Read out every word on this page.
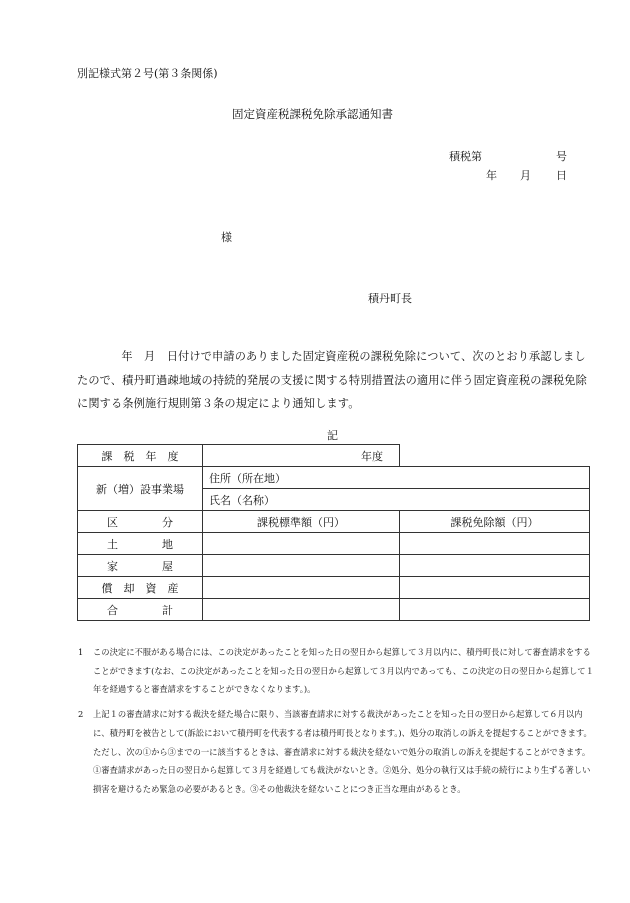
別記様式第２号(第３条関係)
固定資産税課税免除承認通知書
積税第	号
年 月 日
様
積丹町長
　年　月　日付けで申請のありました固定資産税の課税免除について、次のとおり承認しましたので、積丹町過疎地域の持続的発展の支援に関する特別措置法の適用に伴う固定資産税の課税免除に関する条例施行規則第３条の規定により通知します。
記
課　税　年　度	年度	
新（増）設事業場	住所（所在地）	
	氏名（名称）	
区　　　　分	課税標準額（円）	課税免除額（円）
土　　　　地		
家　　　　屋		
償　却　資　産		
合　　　　計		
1 この決定に不服がある場合には、この決定があったことを知った日の翌日から起算して３月以内に、積丹町長に対して審査請求をすることができます(なお、この決定があったことを知った日の翌日から起算して３月以内であっても、この決定の日の翌日から起算して１年を経過すると審査請求をすることができなくなります。)。
2 上記１の審査請求に対する裁決を経た場合に限り、当該審査請求に対する裁決があったことを知った日の翌日から起算して６月以内に、積丹町を被告として(訴訟において積丹町を代表する者は積丹町長となります。)、処分の取消しの訴えを提起することができます。ただし、次の①から③までの一に該当するときは、審査請求に対する裁決を経ないで処分の取消しの訴えを提起することができます。①審査請求があった日の翌日から起算して３月を経過しても裁決がないとき。②処分、処分の執行又は手続の続行により生ずる著しい損害を避けるため緊急の必要があるとき。③その他裁決を経ないことにつき正当な理由があるとき。
